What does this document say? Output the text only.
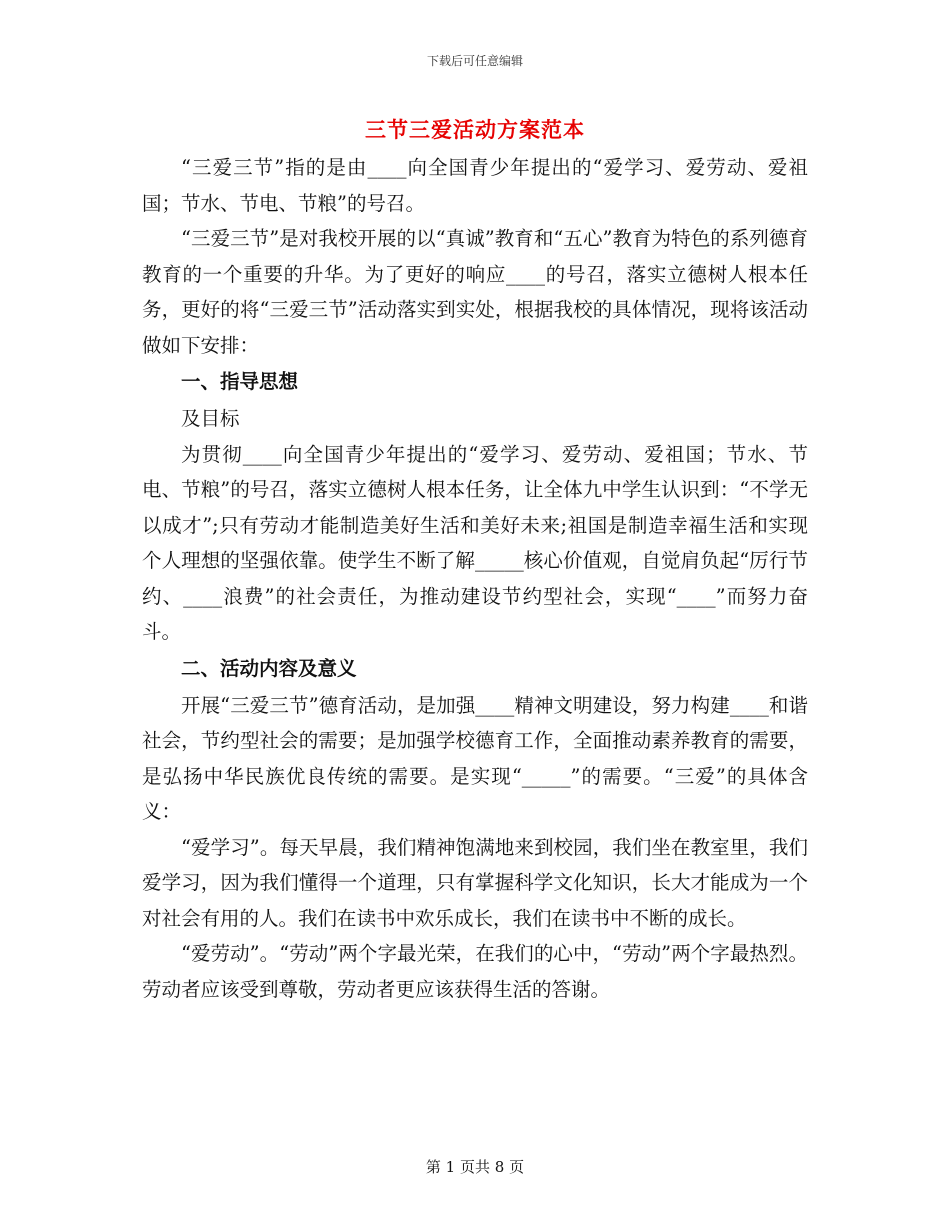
下载后可任意编辑
三节三爱活动方案范本

“三爱三节”指的是由____向全国青少年提出的“爱学习、爱劳动、爱祖国；节水、节电、节粮”的号召。

“三爱三节”是对我校开展的以“真诚”教育和“五心”教育为特色的系列德育教育的一个重要的升华。为了更好的响应____的号召，落实立德树人根本任务，更好的将“三爱三节”活动落实到实处，根据我校的具体情况，现将该活动做如下安排：

一、指导思想

及目标

为贯彻____向全国青少年提出的“爱学习、爱劳动、爱祖国；节水、节电、节粮”的号召，落实立德树人根本任务，让全体九中学生认识到：“不学无以成才”;只有劳动才能制造美好生活和美好未来;祖国是制造幸福生活和实现个人理想的坚强依靠。使学生不断了解_____核心价值观，自觉肩负起“厉行节约、____浪费”的社会责任，为推动建设节约型社会，实现“____”而努力奋斗。

二、活动内容及意义

开展“三爱三节”德育活动，是加强____精神文明建设，努力构建____和谐社会，节约型社会的需要；是加强学校德育工作，全面推动素养教育的需要，是弘扬中华民族优良传统的需要。是实现“_____”的需要。“三爱”的具体含义：

“爱学习”。每天早晨，我们精神饱满地来到校园，我们坐在教室里，我们爱学习，因为我们懂得一个道理，只有掌握科学文化知识，长大才能成为一个对社会有用的人。我们在读书中欢乐成长，我们在读书中不断的成长。

“爱劳动”。“劳动”两个字最光荣，在我们的心中，“劳动”两个字最热烈。劳动者应该受到尊敬，劳动者更应该获得生活的答谢。

第 1 页共 8 页
